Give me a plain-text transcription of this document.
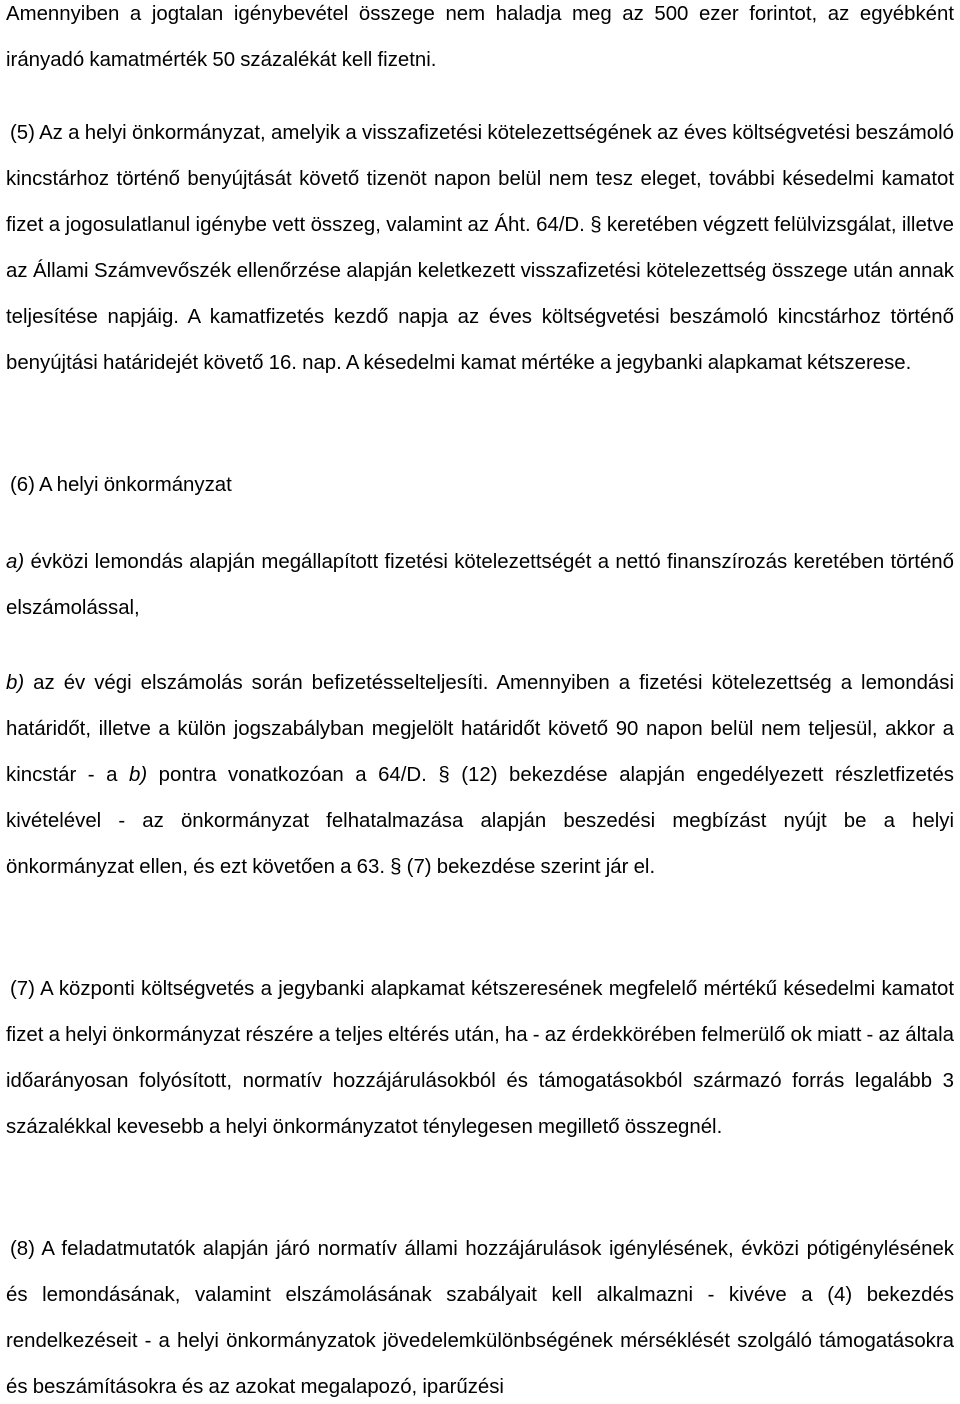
Amennyiben a jogtalan igénybevétel összege nem haladja meg az 500 ezer forintot, az egyébként irányadó kamatmérték 50 százalékát kell fizetni.

(5) Az a helyi önkormányzat, amelyik a visszafizetési kötelezettségének az éves költségvetési beszámoló kincstárhoz történő benyújtását követő tizenöt napon belül nem tesz eleget, további késedelmi kamatot fizet a jogosulatlanul igénybe vett összeg, valamint az Áht. 64/D. § keretében végzett felülvizsgálat, illetve az Állami Számvevőszék ellenőrzése alapján keletkezett visszafizetési kötelezettség összege után annak teljesítése napjáig. A kamatfizetés kezdő napja az éves költségvetési beszámoló kincstárhoz történő benyújtási határidejét követő 16. nap. A késedelmi kamat mértéke a jegybanki alapkamat kétszerese.

(6) A helyi önkormányzat

a) évközi lemondás alapján megállapított fizetési kötelezettségét a nettó finanszírozás keretében történő elszámolással,

b) az év végi elszámolás során befizetésselteljesíti. Amennyiben a fizetési kötelezettség a lemondási határidőt, illetve a külön jogszabályban megjelölt határidőt követő 90 napon belül nem teljesül, akkor a kincstár - a b) pontra vonatkozóan a 64/D. § (12) bekezdése alapján engedélyezett részletfizetés kivételével - az önkormányzat felhatalmazása alapján beszedési megbízást nyújt be a helyi önkormányzat ellen, és ezt követően a 63. § (7) bekezdése szerint jár el.

(7) A központi költségvetés a jegybanki alapkamat kétszeresének megfelelő mértékű késedelmi kamatot fizet a helyi önkormányzat részére a teljes eltérés után, ha - az érdekkörében felmerülő ok miatt - az általa időarányosan folyósított, normatív hozzájárulásokból és támogatásokból származó forrás legalább 3 százalékkal kevesebb a helyi önkormányzatot ténylegesen megillető összegnél.

(8) A feladatmutatók alapján járó normatív állami hozzájárulások igénylésének, évközi pótigénylésének és lemondásának, valamint elszámolásának szabályait kell alkalmazni - kivéve a (4) bekezdés rendelkezéseit - a helyi önkormányzatok jövedelemkülönbségének mérséklését szolgáló támogatásokra és beszámításokra és az azokat megalapozó, iparűzési
